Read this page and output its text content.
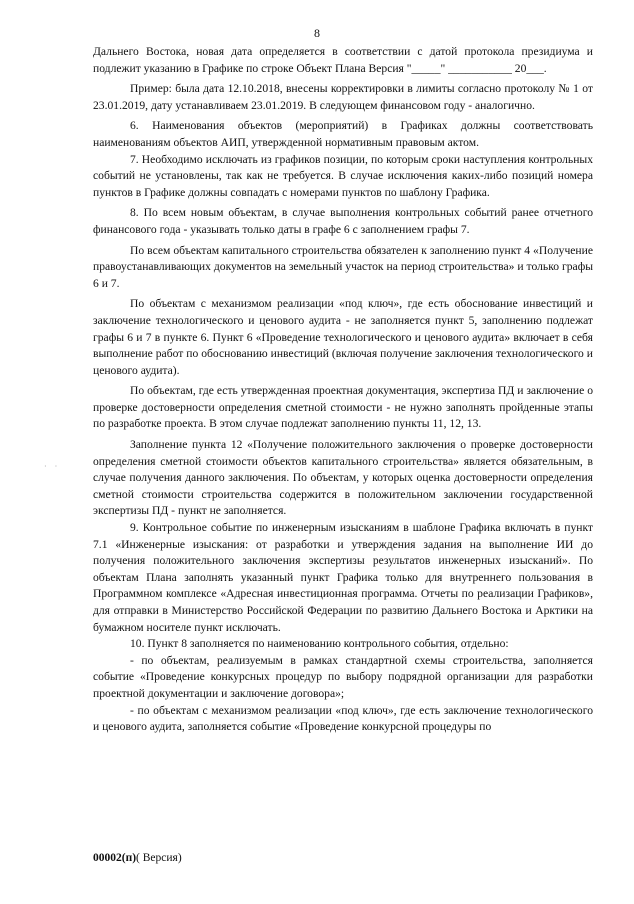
8
· ·

Дальнего Востока, новая дата определяется в соответствии с датой протокола президиума и подлежит указанию в Графике по строке Объект Плана Версия "_____" ___________ 20___.

Пример: была дата 12.10.2018, внесены корректировки в лимиты согласно протоколу № 1 от 23.01.2019, дату устанавливаем 23.01.2019. В следующем финансовом году - аналогично.

6. Наименования объектов (мероприятий) в Графиках должны соответствовать наименованиям объектов АИП, утвержденной нормативным правовым актом.

7. Необходимо исключать из графиков позиции, по которым сроки наступления контрольных событий не установлены, так как не требуется. В случае исключения каких-либо позиций номера пунктов в Графике должны совпадать с номерами пунктов по шаблону Графика.

8. По всем новым объектам, в случае выполнения контрольных событий ранее отчетного финансового года - указывать только даты в графе 6 с заполнением графы 7.

По всем объектам капитального строительства обязателен к заполнению пункт 4 «Получение правоустанавливающих документов на земельный участок на период строительства» и только графы 6 и 7.

По объектам с механизмом реализации «под ключ», где есть обоснование инвестиций и заключение технологического и ценового аудита - не заполняется пункт 5, заполнению подлежат графы 6 и 7 в пункте 6. Пункт 6 «Проведение технологического и ценового аудита» включает в себя выполнение работ по обоснованию инвестиций (включая получение заключения технологического и ценового аудита).

По объектам, где есть утвержденная проектная документация, экспертиза ПД и заключение о проверке достоверности определения сметной стоимости - не нужно заполнять пройденные этапы по разработке проекта. В этом случае подлежат заполнению пункты 11, 12, 13.

Заполнение пункта 12 «Получение положительного заключения о проверке достоверности определения сметной стоимости объектов капитального строительства» является обязательным, в случае получения данного заключения. По объектам, у которых оценка достоверности определения сметной стоимости строительства содержится в положительном заключении государственной экспертизы ПД - пункт не заполняется.

9. Контрольное событие по инженерным изысканиям в шаблоне Графика включать в пункт 7.1 «Инженерные изыскания: от разработки и утверждения задания на выполнение ИИ до получения положительного заключения экспертизы результатов инженерных изысканий». По объектам Плана заполнять указанный пункт Графика только для внутреннего пользования в Программном комплексе «Адресная инвестиционная программа. Отчеты по реализации Графиков», для отправки в Министерство Российской Федерации по развитию Дальнего Востока и Арктики на бумажном носителе пункт исключать.

10. Пункт 8 заполняется по наименованию контрольного события, отдельно:

- по объектам, реализуемым в рамках стандартной схемы строительства, заполняется событие «Проведение конкурсных процедур по выбору подрядной организации для разработки проектной документации и заключение договора»;

- по объектам с механизмом реализации «под ключ», где есть заключение технологического и ценового аудита, заполняется событие «Проведение конкурсной процедуры по

00002(п)( Версия)
